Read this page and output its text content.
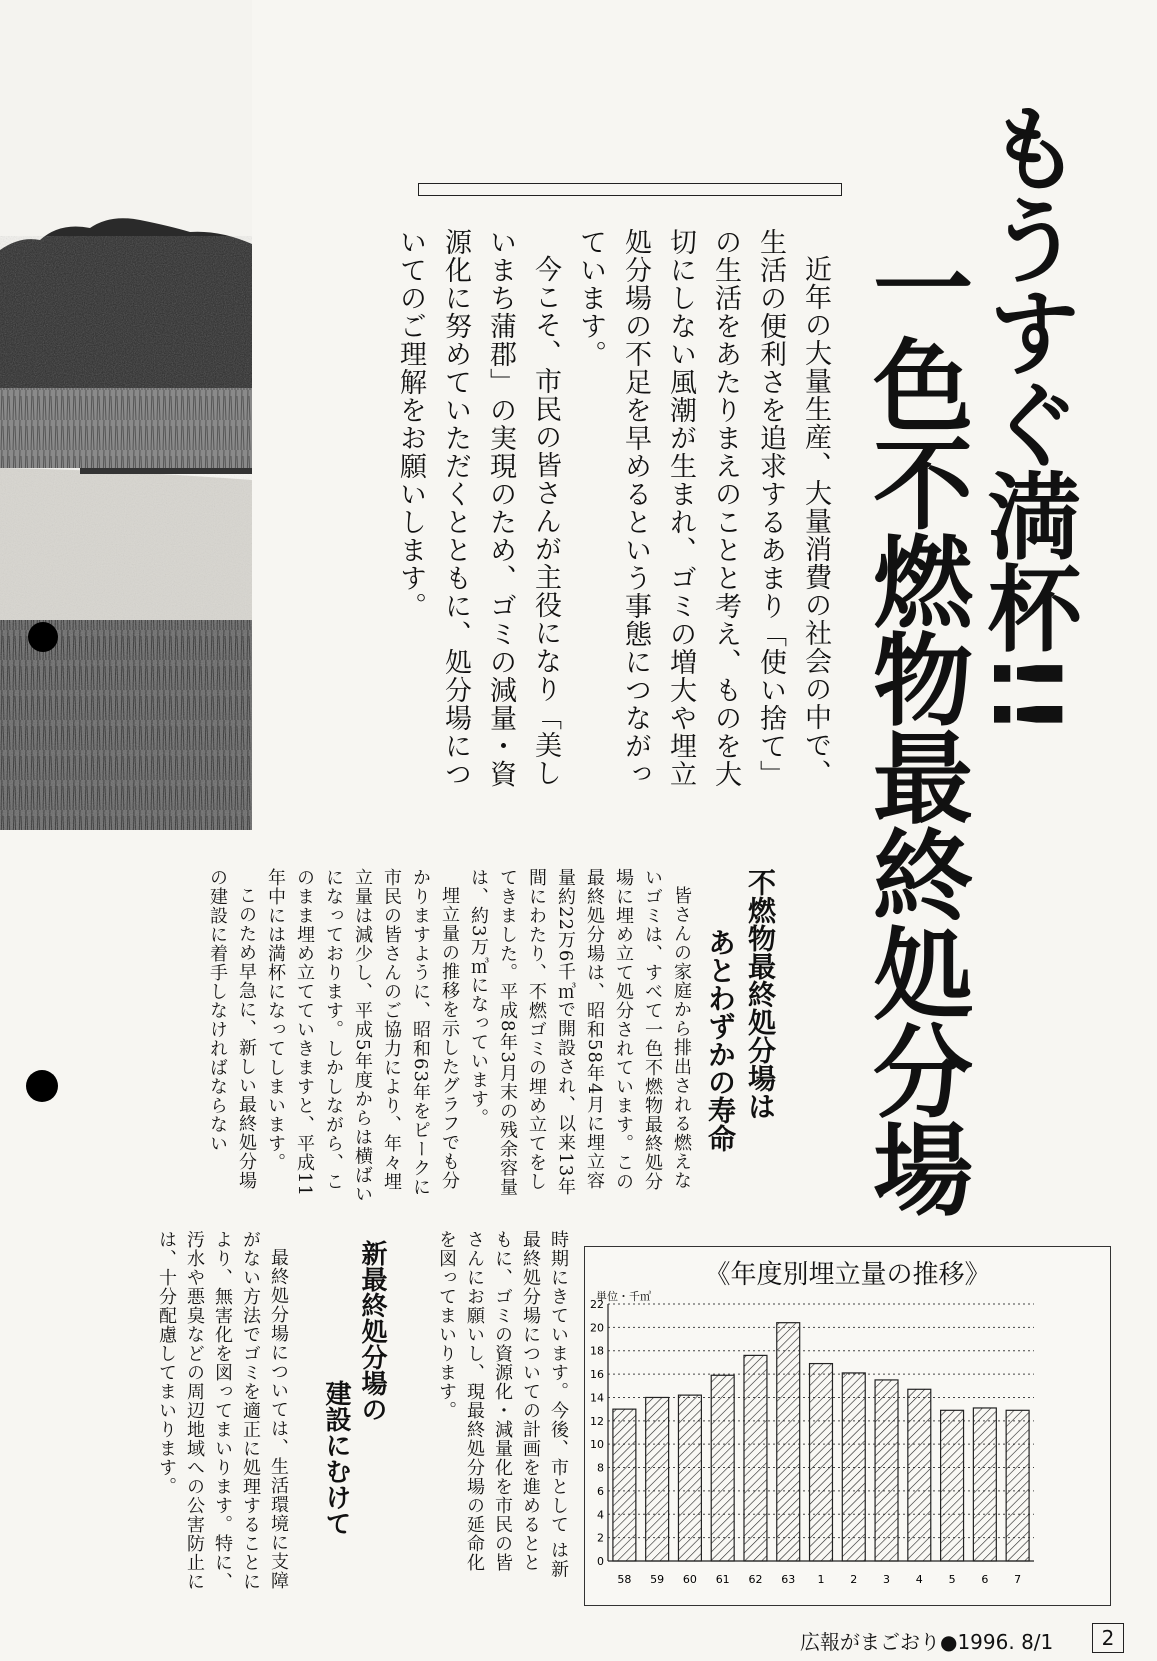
もうすぐ満杯!!
一色不燃物最終処分場

近年の大量生産、大量消費の社会の中で、生活の便利さを追求するあまり「使い捨て」の生活をあたりまえのことと考え、ものを大切にしない風潮が生まれ、ゴミの増大や埋立処分場の不足を早めるという事態につながっています。

今こそ、市民の皆さんが主役になり「美しいまち蒲郡」の実現のため、ゴミの減量・資源化に努めていただくとともに、処分場についてのご理解をお願いします。

不燃物最終処分場は
あとわずかの寿命

皆さんの家庭から排出される燃えないゴミは、すべて一色不燃物最終処分場に埋め立て処分されています。この最終処分場は、昭和58年4月に埋立容量約22万6千㎥で開設され、以来13年間にわたり、不燃ゴミの埋め立てをしてきました。平成8年3月末の残余容量は、約3万㎥になっています。

埋立量の推移を示したグラフでも分かりますように、昭和63年をピークに市民の皆さんのご協力により、年々埋立量は減少し、平成5年度からは横ばいになっております。しかしながら、このまま埋め立てていきますと、平成11年中には満杯になってしまいます。

このため早急に、新しい最終処分場の建設に着手しなければならない

時期にきています。今後、市として は新最終処分場についての計画を進めるとともに、ゴミの資源化・減量化を市民の皆さんにお願いし、現最終処分場の延命化を図ってまいります。
新最終処分場の
建設にむけて

最終処分場については、生活環境に支障がない方法でゴミを適正に処理することにより、無害化を図ってまいります。特に、汚水や悪臭などの周辺地域への公害防止には、十分配慮してまいります。	《年度別埋立量の推移》
単位・千㎥
0
2
4
6
8
10
12
14
16
18
20
22
58 59 60 61 62 63 1 2 3 4 5 6 7
広報がまごおり●1996. 8/1	2
